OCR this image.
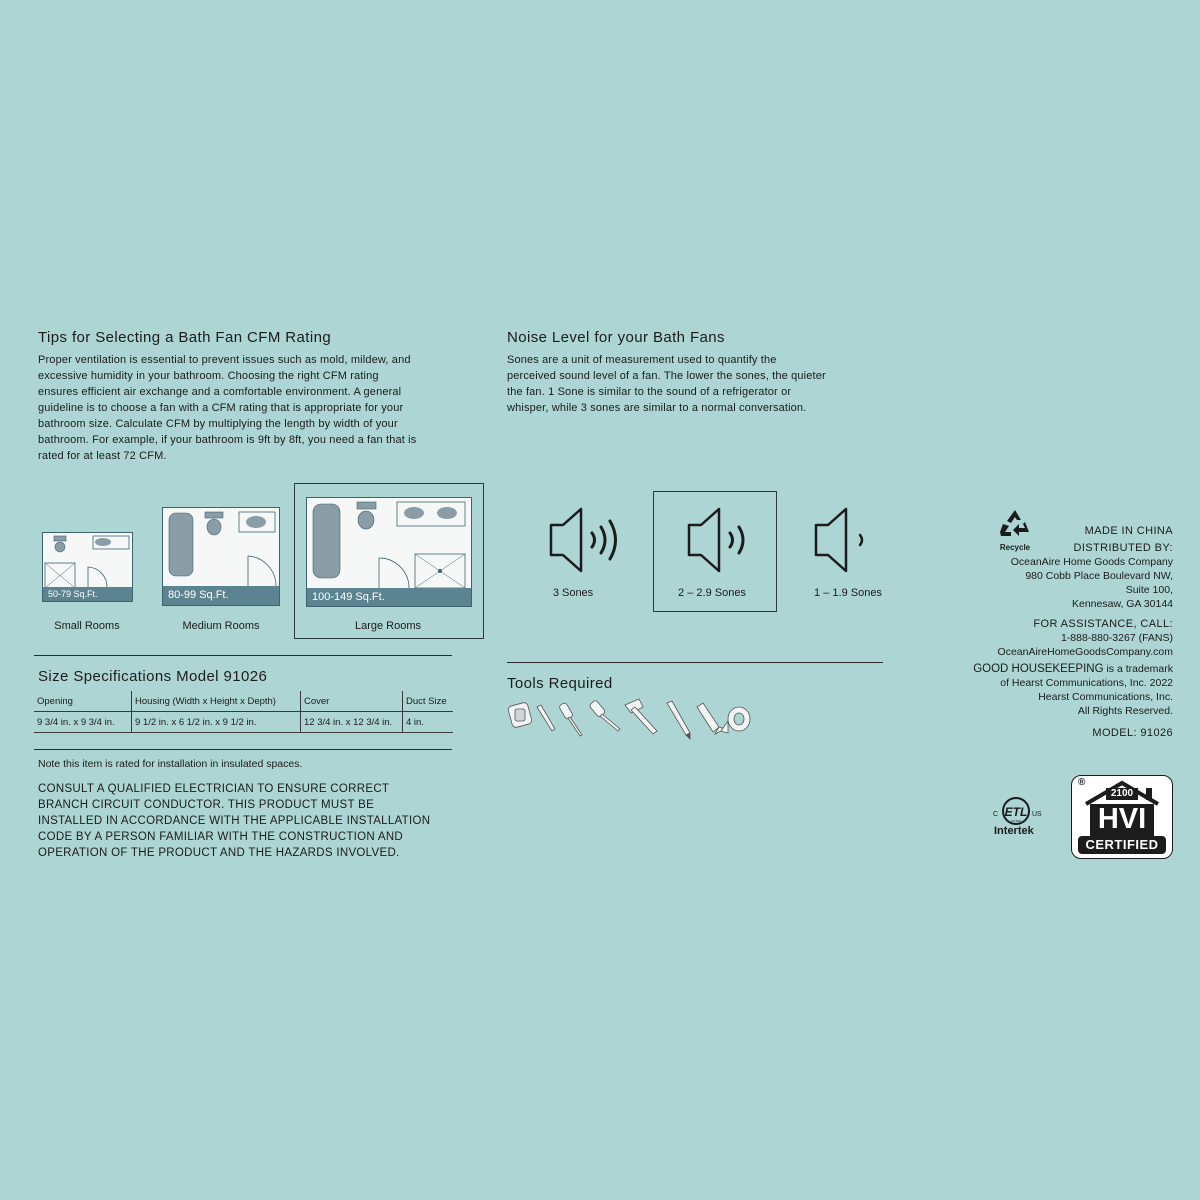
Tips for Selecting a Bath Fan CFM Rating

Proper ventilation is essential to prevent issues such as mold, mildew, and excessive humidity in your bathroom. Choosing the right CFM rating ensures efficient air exchange and a comfortable environment. A general guideline is to choose a fan with a CFM rating that is appropriate for your bathroom size. Calculate CFM by multiplying the length by width of your bathroom. For example, if your bathroom is 9ft by 8ft, you need a fan that is rated for at least 72 CFM.

50-79 Sq.Ft.
Small Rooms
80-99 Sq.Ft.
Medium Rooms
100-149 Sq.Ft.
Large Rooms
Size Specifications Model 91026
Opening	Housing (Width x Height x Depth)	Cover	Duct Size
9 3/4 in. x 9 3/4 in.	9 1/2 in. x 6 1/2 in. x 9 1/2 in.	12 3/4 in. x 12 3/4 in.	4 in.

Note this item is rated for installation in insulated spaces.

CONSULT A QUALIFIED ELECTRICIAN TO ENSURE CORRECT BRANCH CIRCUIT CONDUCTOR. THIS PRODUCT MUST BE INSTALLED IN ACCORDANCE WITH THE APPLICABLE INSTALLATION CODE BY A PERSON FAMILIAR WITH THE CONSTRUCTION AND OPERATION OF THE PRODUCT AND THE HAZARDS INVOLVED.

Noise Level for your Bath Fans

Sones are a unit of measurement used to quantify the perceived sound level of a fan. The lower the sones, the quieter the fan. 1 Sone is similar to the sound of a refrigerator or whisper, while 3 sones are similar to a normal conversation.

3 Sones	2 – 2.9 Sones	1 – 1.9 Sones
Tools Required
Recycle
MADE IN CHINA
DISTRIBUTED BY:
OceanAire Home Goods Company
980 Cobb Place Boulevard NW,
Suite 100,
Kennesaw, GA 30144
FOR ASSISTANCE, CALL:
1-888-880-3267 (FANS)
OceanAireHomeGoodsCompany.com
GOOD HOUSEKEEPING is a trademark
of Hearst Communications, Inc. 2022
Hearst Communications, Inc.
All Rights Reserved.
MODEL: 91026
ETL
C	US
LISTED
Intertek
®
2100
HVI
CERTIFIED
